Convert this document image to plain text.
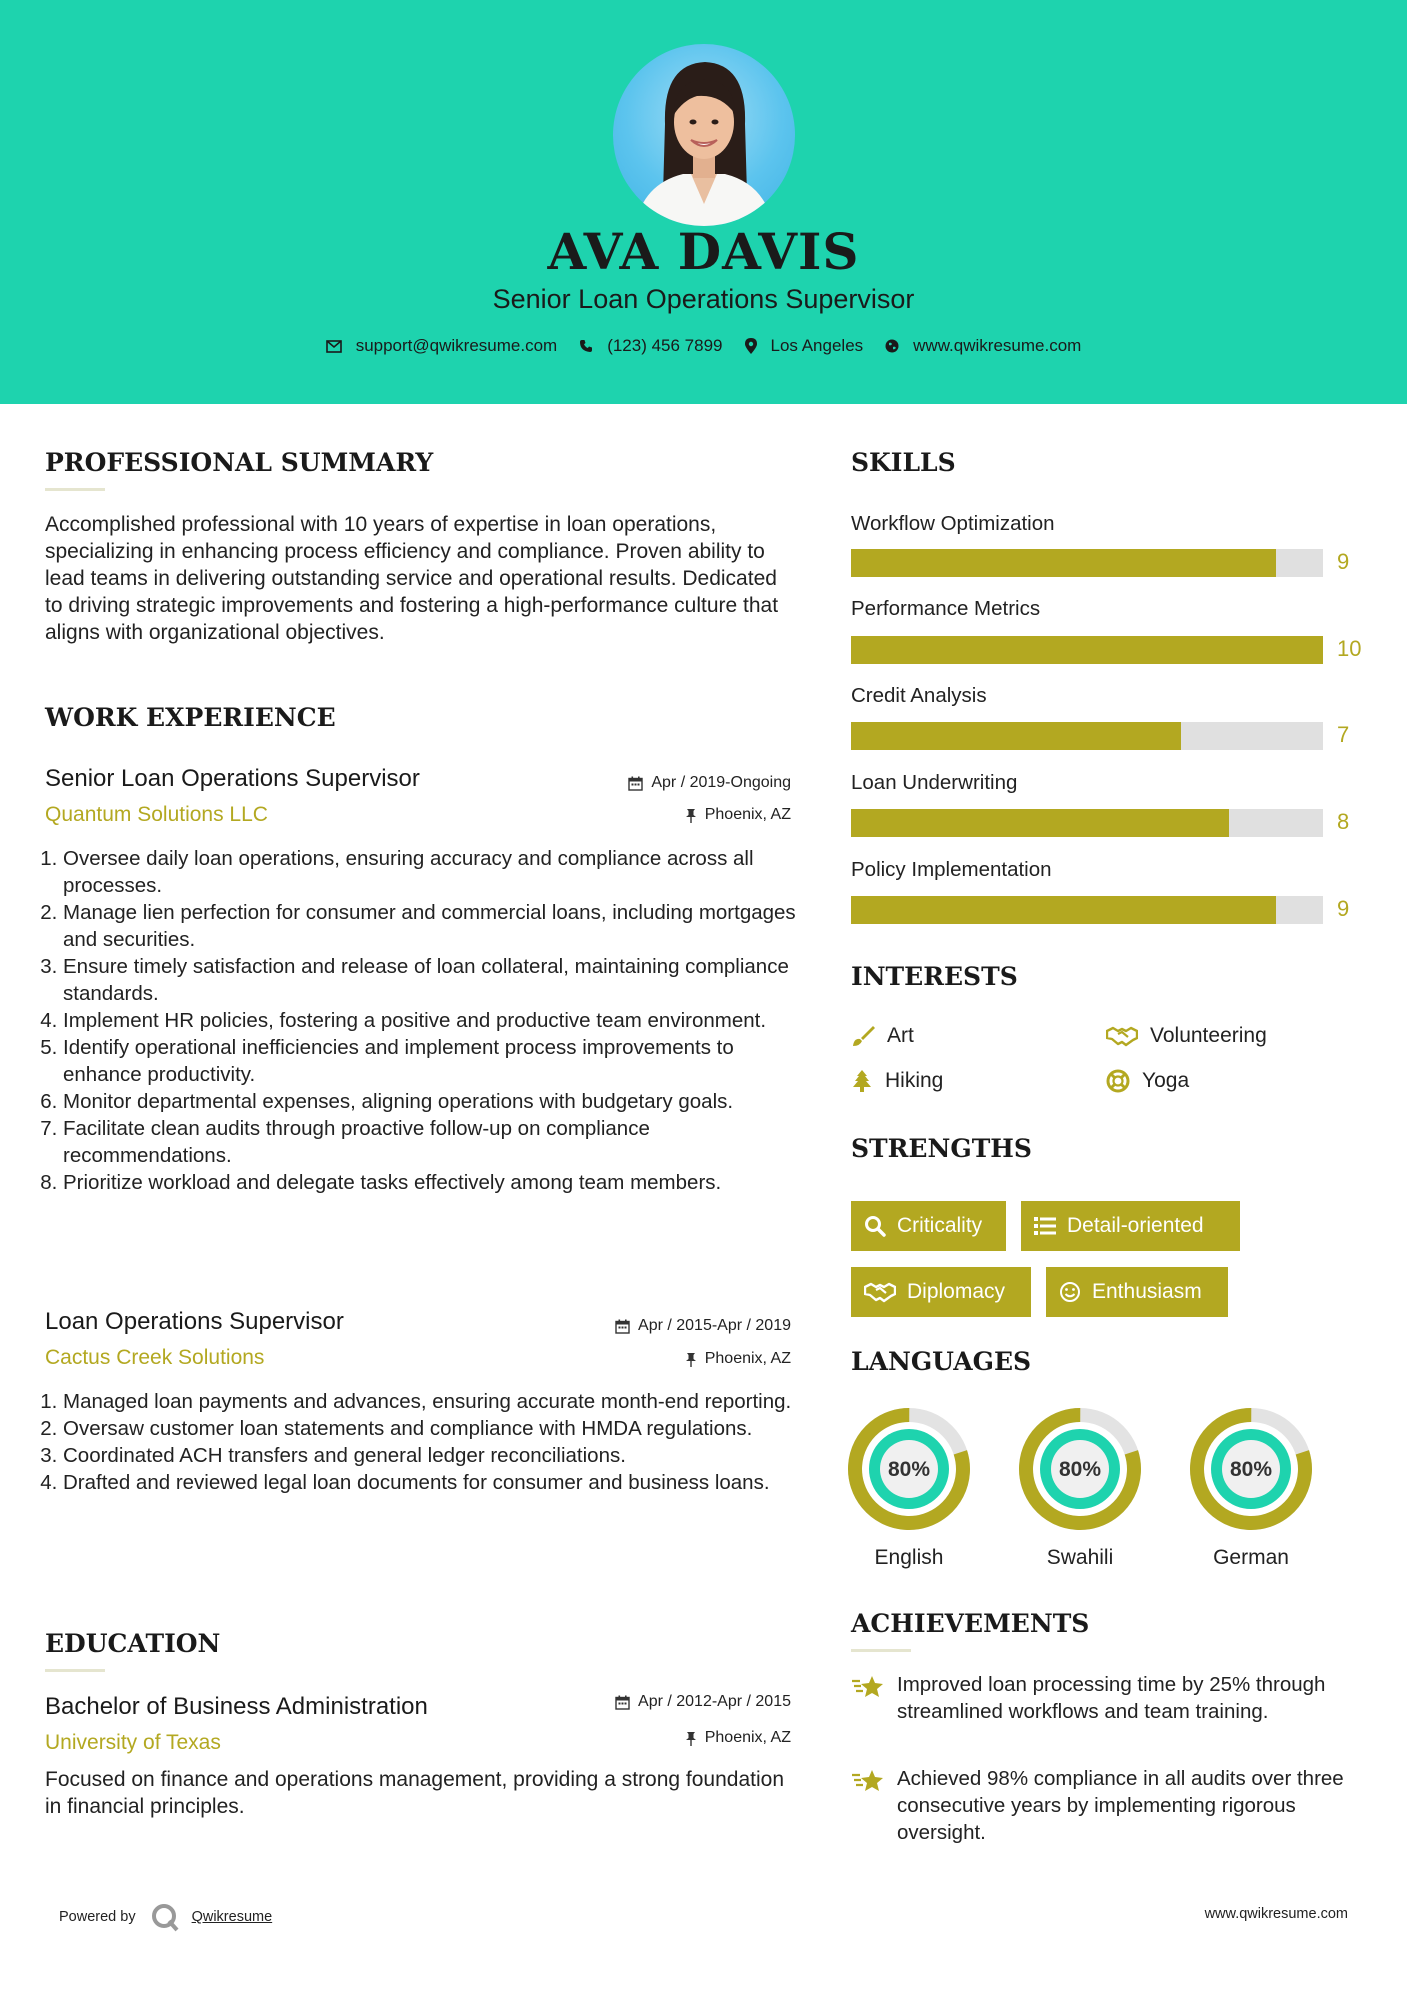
AVA DAVIS
Senior Loan Operations Supervisor
support@qwikresume.com	(123) 456 7899	Los Angeles	www.qwikresume.com
PROFESSIONAL SUMMARY
Accomplished professional with 10 years of expertise in loan operations, specializing in enhancing process efficiency and compliance. Proven ability to lead teams in delivering outstanding service and operational results. Dedicated to driving strategic improvements and fostering a high-performance culture that aligns with organizational objectives.
WORK EXPERIENCE
Senior Loan Operations Supervisor	Apr / 2019-Ongoing
Quantum Solutions LLC	Phoenix, AZ
1. Oversee daily loan operations, ensuring accuracy and compliance across all processes.
2. Manage lien perfection for consumer and commercial loans, including mortgages and securities.
3. Ensure timely satisfaction and release of loan collateral, maintaining compliance standards.
4. Implement HR policies, fostering a positive and productive team environment.
5. Identify operational inefficiencies and implement process improvements to enhance productivity.
6. Monitor departmental expenses, aligning operations with budgetary goals.
7. Facilitate clean audits through proactive follow-up on compliance recommendations.
8. Prioritize workload and delegate tasks effectively among team members.
Loan Operations Supervisor	Apr / 2015-Apr / 2019
Cactus Creek Solutions	Phoenix, AZ
1. Managed loan payments and advances, ensuring accurate month-end reporting.
2. Oversaw customer loan statements and compliance with HMDA regulations.
3. Coordinated ACH transfers and general ledger reconciliations.
4. Drafted and reviewed legal loan documents for consumer and business loans.
EDUCATION
Bachelor of Business Administration	Apr / 2012-Apr / 2015
University of Texas	Phoenix, AZ
Focused on finance and operations management, providing a strong foundation in financial principles.
SKILLS
Workflow Optimization
9
Performance Metrics
10
Credit Analysis
7
Loan Underwriting
8
Policy Implementation
9
INTERESTS
Art	Volunteering
Hiking	Yoga
STRENGTHS
Criticality	Detail-oriented
Diplomacy	Enthusiasm
LANGUAGES
80%
English
80%
Swahili
80%
German
ACHIEVEMENTS
Improved loan processing time by 25% through streamlined workflows and team training.
Achieved 98% compliance in all audits over three consecutive years by implementing rigorous oversight.
Powered by	Qwikresume	www.qwikresume.com
